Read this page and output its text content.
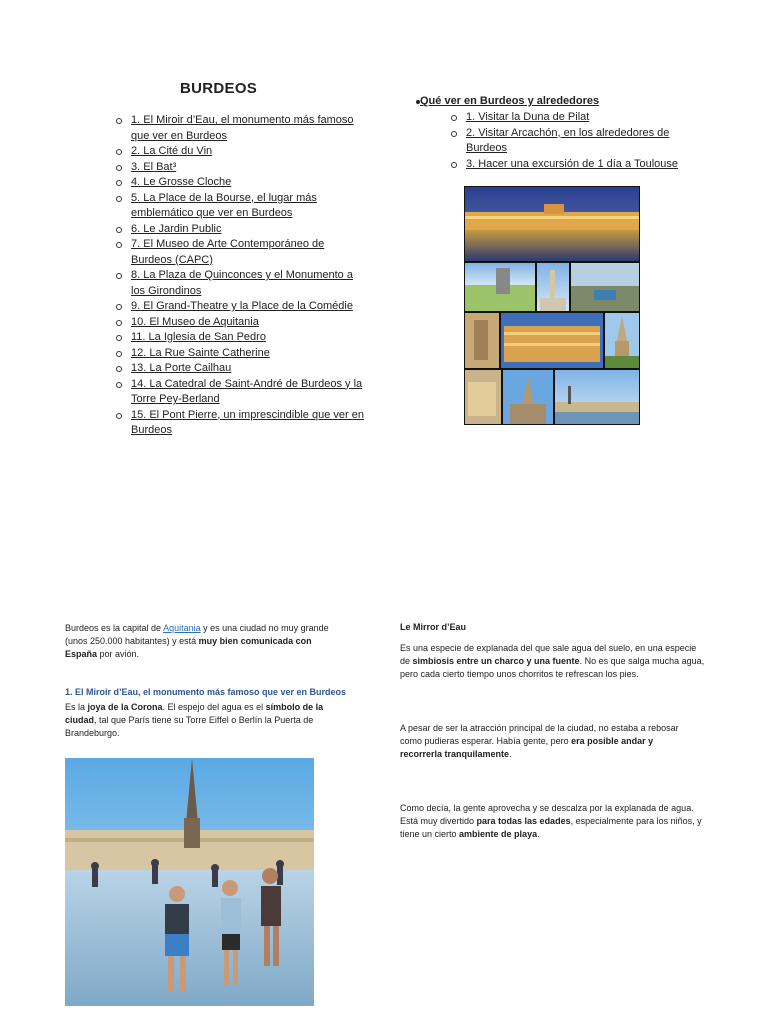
BURDEOS
1. El Miroir d’Eau, el monumento más famoso que ver en Burdeos
2. La Cité du Vin
3. El Bat³
4. Le Grosse Cloche
5. La Place de la Bourse, el lugar más emblemático que ver en Burdeos
6. Le Jardin Public
7. El Museo de Arte Contemporáneo de Burdeos (CAPC)
8. La Plaza de Quinconces y el Monumento a los Girondinos
9. El Grand-Theatre y la Place de la Comédie
10. El Museo de Aquitania
11. La Iglesia de San Pedro
12. La Rue Sainte Catherine
13. La Porte Cailhau
14. La Catedral de Saint-André de Burdeos y la Torre Pey-Berland
15. El Pont Pierre, un imprescindible que ver en Burdeos
Qué ver en Burdeos y alrededores
1. Visitar la Duna de Pilat
2. Visitar Arcachón, en los alrededores de Burdeos
3. Hacer una excursión de 1 día a Toulouse
Burdeos es la capital de Aquitania y es una ciudad no muy grande (unos 250.000 habitantes) y está muy bien comunicada con España por avión.
1. El Miroir d’Eau, el monumento más famoso que ver en Burdeos
Es la joya de la Corona. El espejo del agua es el símbolo de la ciudad, tal que París tiene su Torre Eiffel o Berlín la Puerta de Brandeburgo.
Le Mirror d’Eau
Es una especie de explanada del que sale agua del suelo, en una especie de simbiosis entre un charco y una fuente. No es que salga mucha agua, pero cada cierto tiempo unos chorritos te refrescan los pies.
A pesar de ser la atracción principal de la ciudad, no estaba a rebosar como pudieras esperar. Había gente, pero era posible andar y recorrerla tranquilamente.
Como decía, la gente aprovecha y se descalza por la explanada de agua. Está muy divertido para todas las edades, especialmente para los niños, y tiene un cierto ambiente de playa.
